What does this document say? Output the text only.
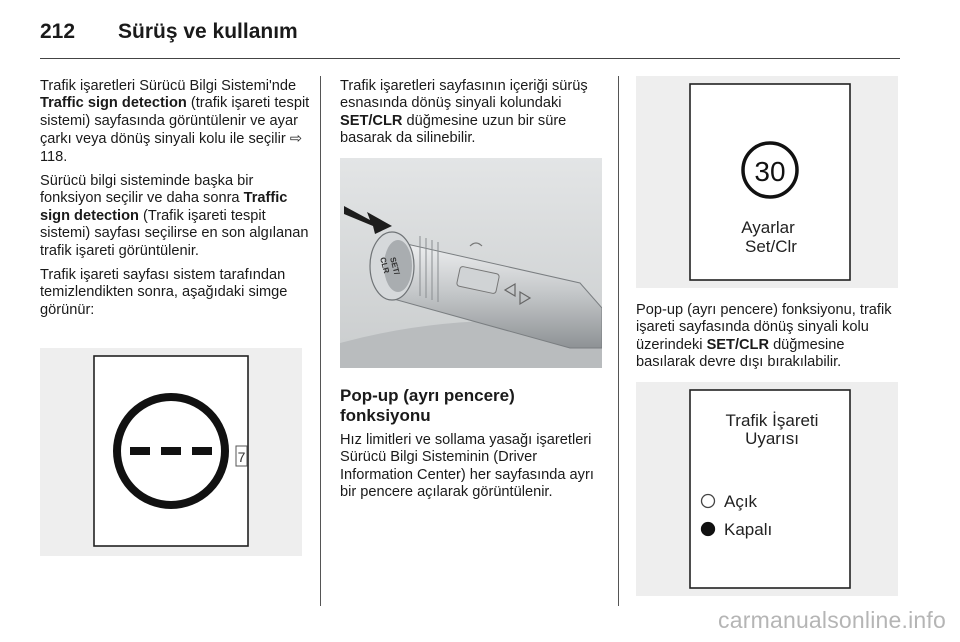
212 Sürüş ve kullanım

Trafik işaretleri Sürücü Bilgi Sistemi'nde Traffic sign detection (trafik işareti tespit sistemi) sayfasında görüntülenir ve ayar çarkı veya dönüş sinyali kolu ile seçilir ⇨ 118.

Sürücü bilgi sisteminde başka bir fonksiyon seçilir ve daha sonra Traffic sign detection (Trafik işareti tespit sistemi) sayfası seçilirse en son algılanan trafik işareti görüntülenir.

Trafik işareti sayfası sistem tarafından temizlendikten sonra, aşağıdaki simge görünür:

7

Trafik işaretleri sayfasının içeriği sürüş esnasında dönüş sinyali kolundaki SET/CLR düğmesine uzun bir süre basarak da silinebilir.

SET/
CLR
Pop-up (ayrı pencere) fonksiyonu

Hız limitleri ve sollama yasağı işaretleri Sürücü Bilgi Sisteminin (Driver Information Center) her sayfasında ayrı bir pencere açılarak görüntülenir.

30
Ayarlar
Set/Clr

Pop-up (ayrı pencere) fonksiyonu, trafik işareti sayfasında dönüş sinyali kolu üzerindeki SET/CLR düğmesine basılarak devre dışı bırakılabilir.

Trafik İşareti
Uyarısı
Açık
Kapalı
carmanualsonline.info
